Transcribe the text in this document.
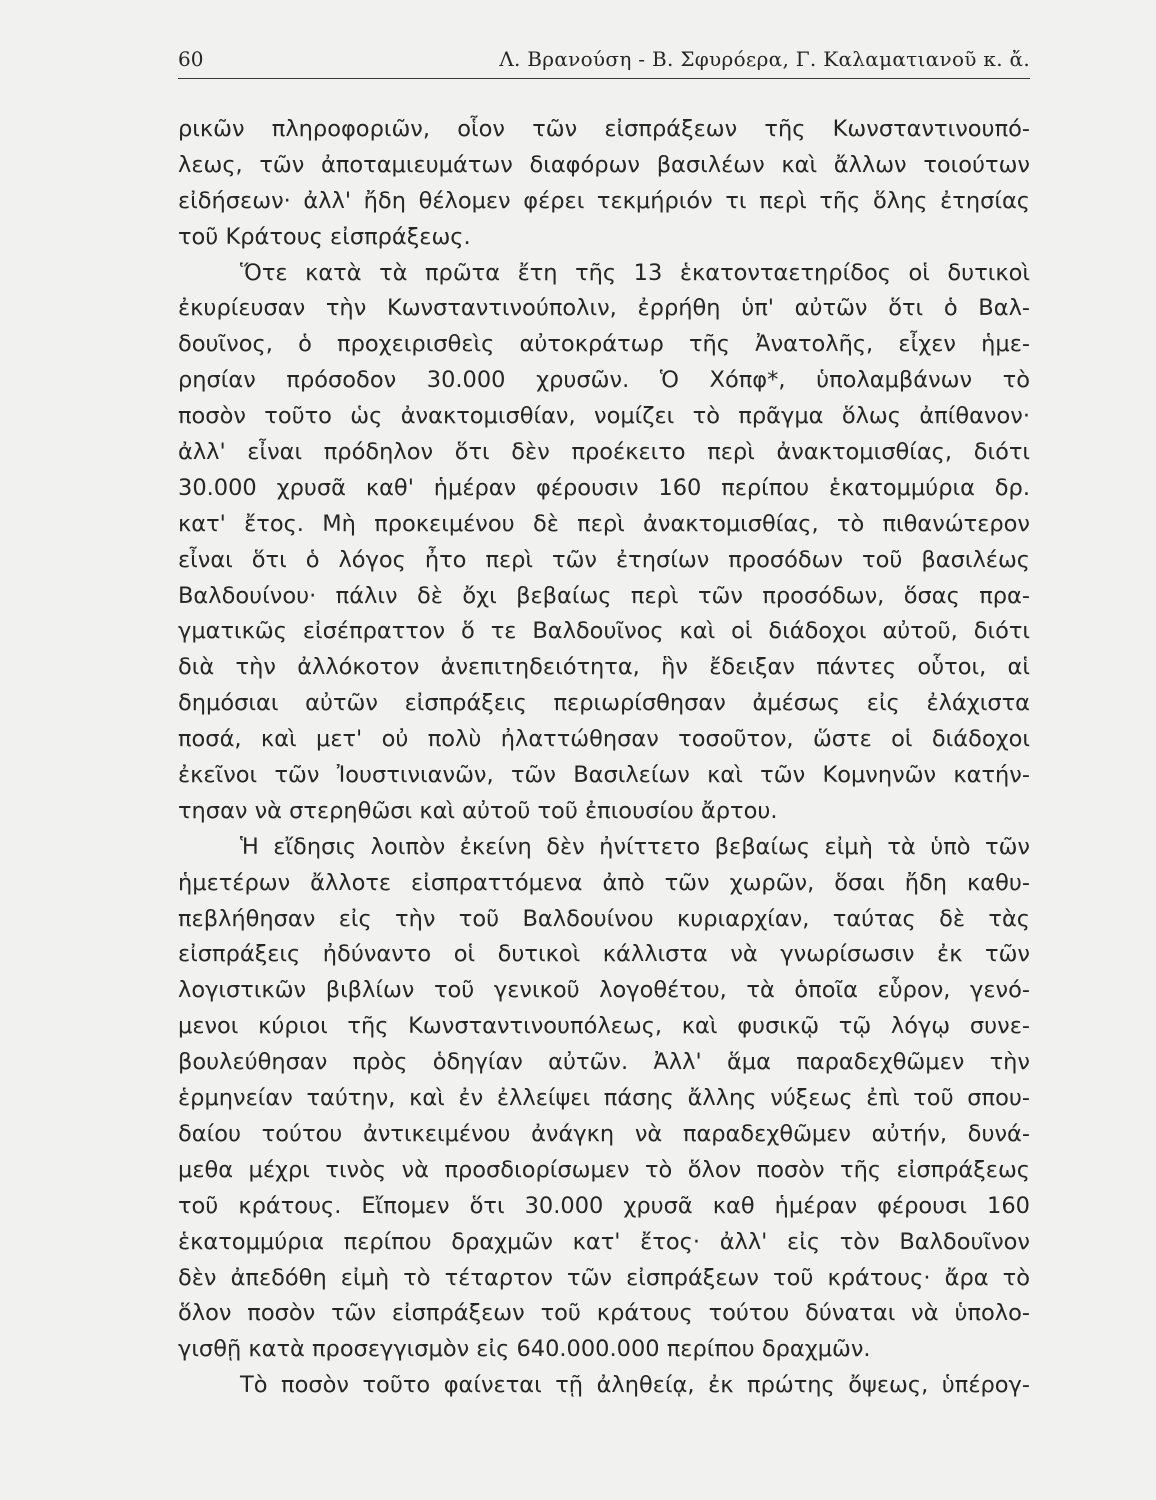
60	Λ. Βρανούση - Β. Σφυρόερα, Γ. Καλαματιανοῦ κ. ἄ.
ρικῶν πληροφοριῶν, οἷον τῶν εἰσπράξεων τῆς Κωνσταντινουπό-
λεως, τῶν ἀποταμιευμάτων διαφόρων βασιλέων καὶ ἄλλων τοιούτων
εἰδήσεων· ἀλλ' ἤδη θέλομεν φέρει τεκμήριόν τι περὶ τῆς ὅλης ἐτησίας
τοῦ Κράτους εἰσπράξεως.
Ὅτε κατὰ τὰ πρῶτα ἔτη τῆς 13 ἑκατονταετηρίδος οἱ δυτικοὶ
ἐκυρίευσαν τὴν Κωνσταντινούπολιν, ἐρρήθη ὑπ' αὐτῶν ὅτι ὁ Βαλ-
δουῖνος, ὁ προχειρισθεὶς αὐτοκράτωρ τῆς Ἀνατολῆς, εἶχεν ἡμε-
ρησίαν πρόσοδον 30.000 χρυσῶν. Ὁ Χόπφ*, ὑπολαμβάνων τὸ
ποσὸν τοῦτο ὡς ἀνακτομισθίαν, νομίζει τὸ πρᾶγμα ὅλως ἀπίθανον·
ἀλλ' εἶναι πρόδηλον ὅτι δὲν προέκειτο περὶ ἀνακτομισθίας, διότι
30.000 χρυσᾶ καθ' ἡμέραν φέρουσιν 160 περίπου ἑκατομμύρια δρ.
κατ' ἔτος. Μὴ προκειμένου δὲ περὶ ἀνακτομισθίας, τὸ πιθανώτερον
εἶναι ὅτι ὁ λόγος ἦτο περὶ τῶν ἐτησίων προσόδων τοῦ βασιλέως
Βαλδουίνου· πάλιν δὲ ὄχι βεβαίως περὶ τῶν προσόδων, ὅσας πρα-
γματικῶς εἰσέπραττον ὅ τε Βαλδουῖνος καὶ οἱ διάδοχοι αὐτοῦ, διότι
διὰ τὴν ἀλλόκοτον ἀνεπιτηδειότητα, ἣν ἔδειξαν πάντες οὗτοι, αἱ
δημόσιαι αὐτῶν εἰσπράξεις περιωρίσθησαν ἀμέσως εἰς ἐλάχιστα
ποσά, καὶ μετ' οὐ πολὺ ἠλαττώθησαν τοσοῦτον, ὥστε οἱ διάδοχοι
ἐκεῖνοι τῶν Ἰουστινιανῶν, τῶν Βασιλείων καὶ τῶν Κομνηνῶν κατήν-
τησαν νὰ στερηθῶσι καὶ αὐτοῦ τοῦ ἐπιουσίου ἄρτου.
Ἡ εἴδησις λοιπὸν ἐκείνη δὲν ἠνίττετο βεβαίως εἰμὴ τὰ ὑπὸ τῶν
ἡμετέρων ἄλλοτε εἰσπραττόμενα ἀπὸ τῶν χωρῶν, ὅσαι ἤδη καθυ-
πεβλήθησαν εἰς τὴν τοῦ Βαλδουίνου κυριαρχίαν, ταύτας δὲ τὰς
εἰσπράξεις ἠδύναντο οἱ δυτικοὶ κάλλιστα νὰ γνωρίσωσιν ἐκ τῶν
λογιστικῶν βιβλίων τοῦ γενικοῦ λογοθέτου, τὰ ὁποῖα εὗρον, γενό-
μενοι κύριοι τῆς Κωνσταντινουπόλεως, καὶ φυσικῷ τῷ λόγῳ συνε-
βουλεύθησαν πρὸς ὁδηγίαν αὐτῶν. Ἀλλ' ἅμα παραδεχθῶμεν τὴν
ἑρμηνείαν ταύτην, καὶ ἐν ἐλλείψει πάσης ἄλλης νύξεως ἐπὶ τοῦ σπου-
δαίου τούτου ἀντικειμένου ἀνάγκη νὰ παραδεχθῶμεν αὐτήν, δυνά-
μεθα μέχρι τινὸς νὰ προσδιορίσωμεν τὸ ὅλον ποσὸν τῆς εἰσπράξεως
τοῦ κράτους. Εἴπομεν ὅτι 30.000 χρυσᾶ καθ ἡμέραν φέρουσι 160
ἑκατομμύρια περίπου δραχμῶν κατ' ἔτος· ἀλλ' εἰς τὸν Βαλδουῖνον
δὲν ἀπεδόθη εἰμὴ τὸ τέταρτον τῶν εἰσπράξεων τοῦ κράτους· ἄρα τὸ
ὅλον ποσὸν τῶν εἰσπράξεων τοῦ κράτους τούτου δύναται νὰ ὑπολο-
γισθῇ κατὰ προσεγγισμὸν εἰς 640.000.000 περίπου δραχμῶν.
Τὸ ποσὸν τοῦτο φαίνεται τῇ ἀληθείᾳ, ἐκ πρώτης ὄψεως, ὑπέρογ-
